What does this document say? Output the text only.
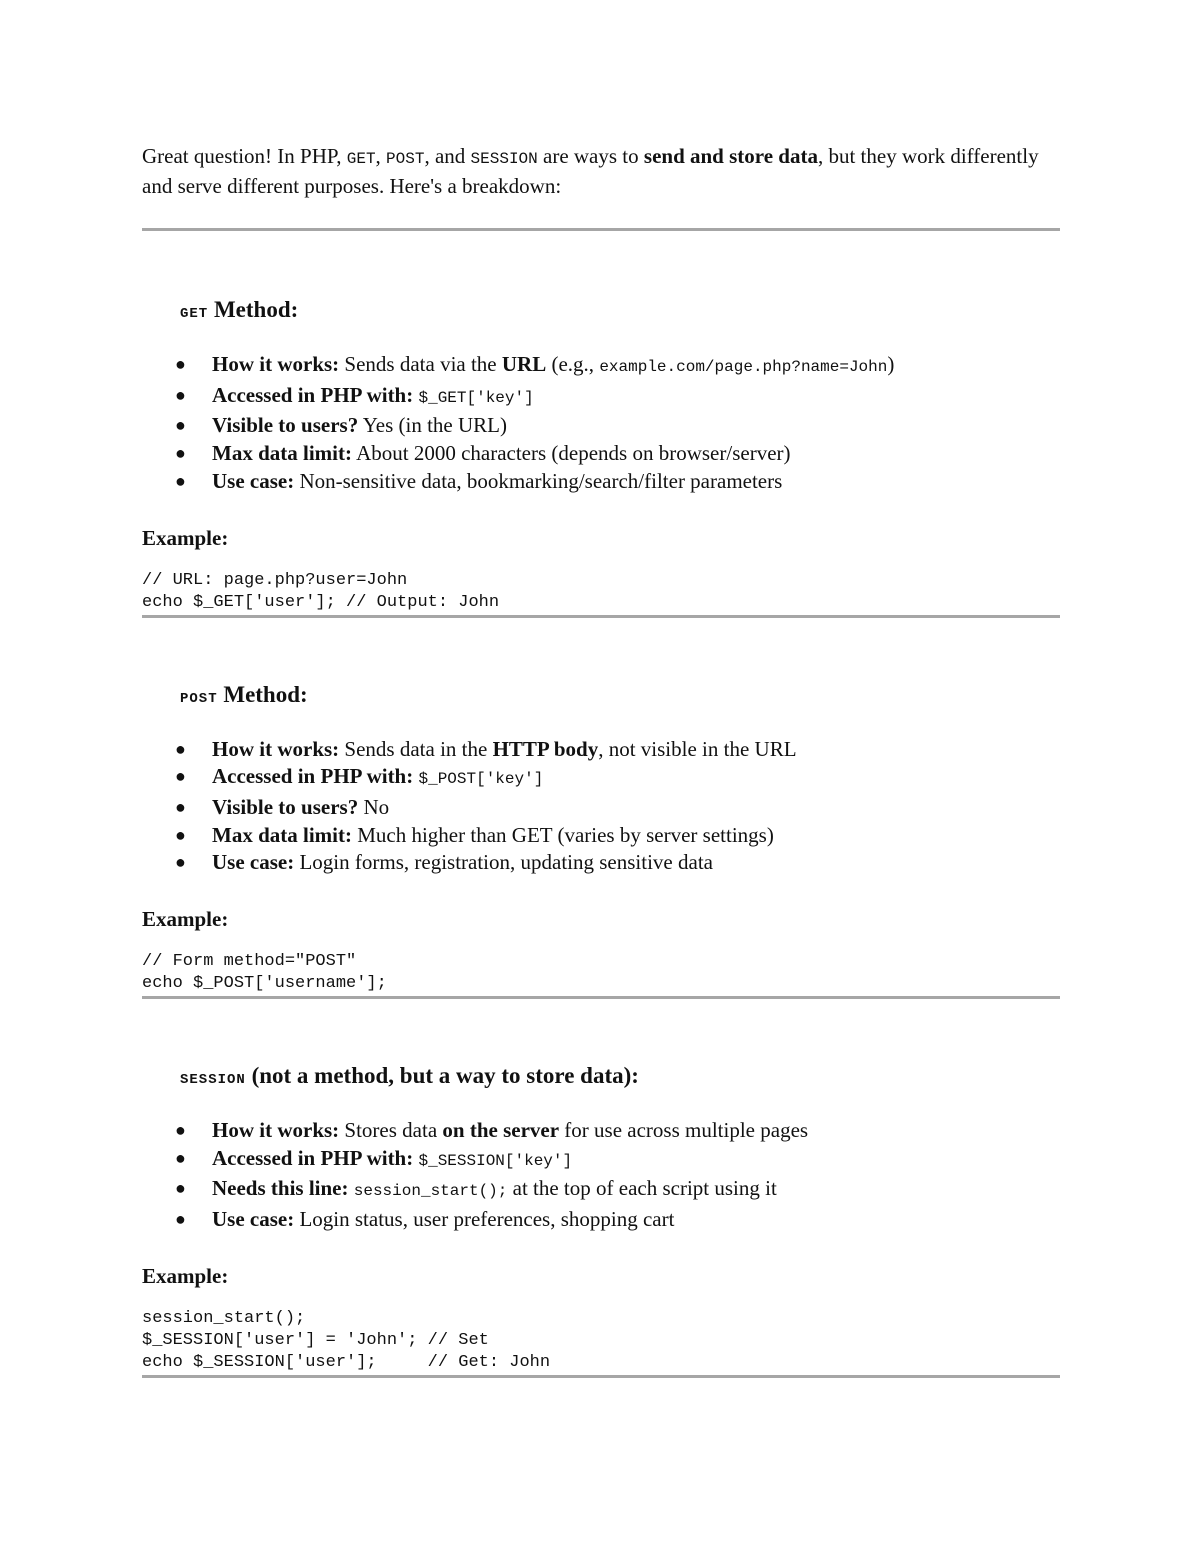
Great question! In PHP, GET, POST, and SESSION are ways to send and store data, but they work differently and serve different purposes. Here's a breakdown:

GET Method:
● How it works: Sends data via the URL (e.g., example.com/page.php?name=John)
● Accessed in PHP with: $_GET['key']
● Visible to users? Yes (in the URL)
● Max data limit: About 2000 characters (depends on browser/server)
● Use case: Non-sensitive data, bookmarking/search/filter parameters

Example:

// URL: page.php?user=John
echo $_GET['user']; // Output: John
POST Method:
● How it works: Sends data in the HTTP body, not visible in the URL
● Accessed in PHP with: $_POST['key']
● Visible to users? No
● Max data limit: Much higher than GET (varies by server settings)
● Use case: Login forms, registration, updating sensitive data

Example:

// Form method="POST"
echo $_POST['username'];
SESSION (not a method, but a way to store data):
● How it works: Stores data on the server for use across multiple pages
● Accessed in PHP with: $_SESSION['key']
● Needs this line: session_start(); at the top of each script using it
● Use case: Login status, user preferences, shopping cart

Example:

session_start();
$_SESSION['user'] = 'John'; // Set
echo $_SESSION['user'];     // Get: John
